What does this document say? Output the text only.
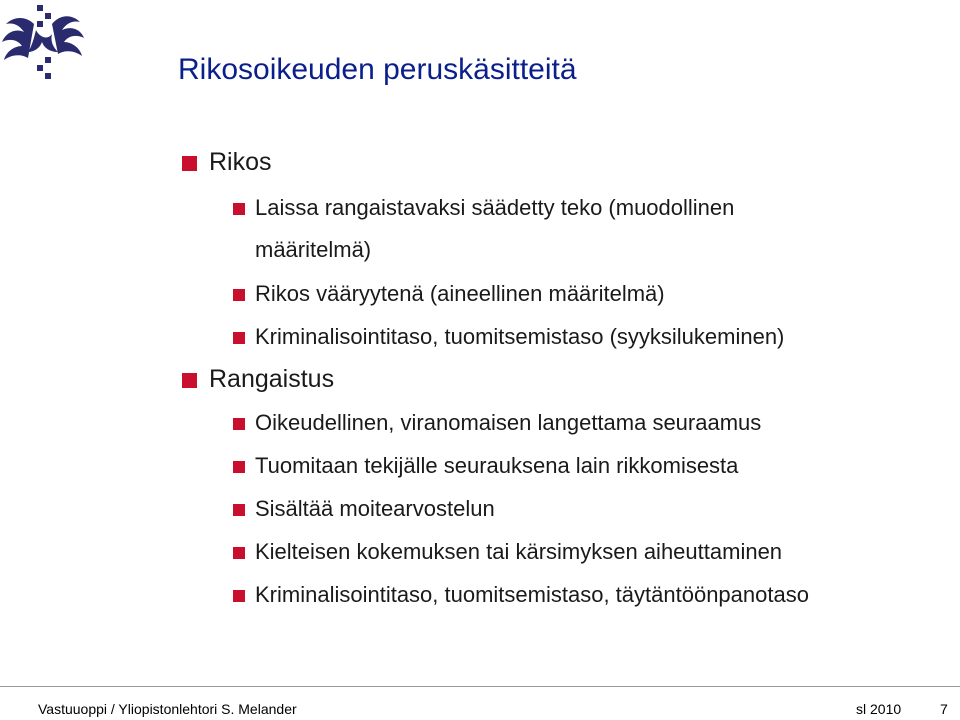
Rikosoikeuden peruskäsitteitä
Rikos
Laissa rangaistavaksi säädetty teko (muodollinen
määritelmä)
Rikos vääryytenä (aineellinen määritelmä)
Kriminalisointitaso, tuomitsemistaso (syyksilukeminen)
Rangaistus
Oikeudellinen, viranomaisen langettama seuraamus
Tuomitaan tekijälle seurauksena lain rikkomisesta
Sisältää moitearvostelun
Kielteisen kokemuksen tai kärsimyksen aiheuttaminen
Kriminalisointitaso, tuomitsemistaso, täytäntöönpanotaso
Vastuuoppi / Yliopistonlehtori S. Melander	sl 2010	7
